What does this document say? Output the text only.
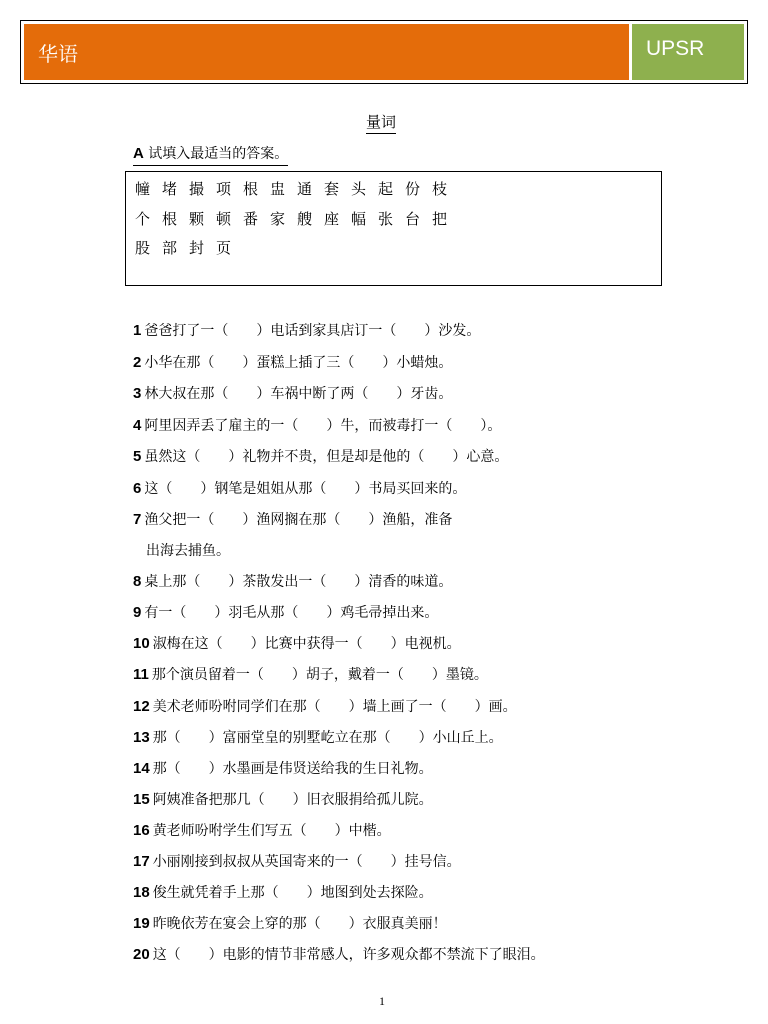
华语	UPSR
量词
A 试填入最适当的答案。
幢 堵 撮 项 根 盅 通 套 头 起 份 枝
个 根 颗 顿 番 家 艘 座 幅 张 台 把
股 部 封 页
1 爸爸打了一（　　）电话到家具店订一（　　）沙发。
2 小华在那（　　）蛋糕上插了三（　　）小蜡烛。
3 林大叔在那（　　）车祸中断了两（　　）牙齿。
4 阿里因弄丢了雇主的一（　　）牛，而被毒打一（　　）。
5 虽然这（　　）礼物并不贵，但是却是他的（　　）心意。
6 这（　　）钢笔是姐姐从那（　　）书局买回来的。
7 渔父把一（　　）渔网搁在那（　　）渔船，准备
出海去捕鱼。
8 桌上那（　　）茶散发出一（　　）清香的味道。
9 有一（　　）羽毛从那（　　）鸡毛帚掉出来。
10 淑梅在这（　　）比赛中获得一（　　）电视机。
11 那个演员留着一（　　）胡子，戴着一（　　）墨镜。
12 美术老师吩咐同学们在那（　　）墙上画了一（　　）画。
13 那（　　）富丽堂皇的别墅屹立在那（　　）小山丘上。
14 那（　　）水墨画是伟贤送给我的生日礼物。
15 阿姨准备把那几（　　）旧衣服捐给孤儿院。
16 黄老师吩咐学生们写五（　　）中楷。
17 小丽刚接到叔叔从英国寄来的一（　　）挂号信。
18 俊生就凭着手上那（　　）地图到处去探险。
19 昨晚依芳在宴会上穿的那（　　）衣服真美丽！
20 这（　　）电影的情节非常感人，许多观众都不禁流下了眼泪。
1
